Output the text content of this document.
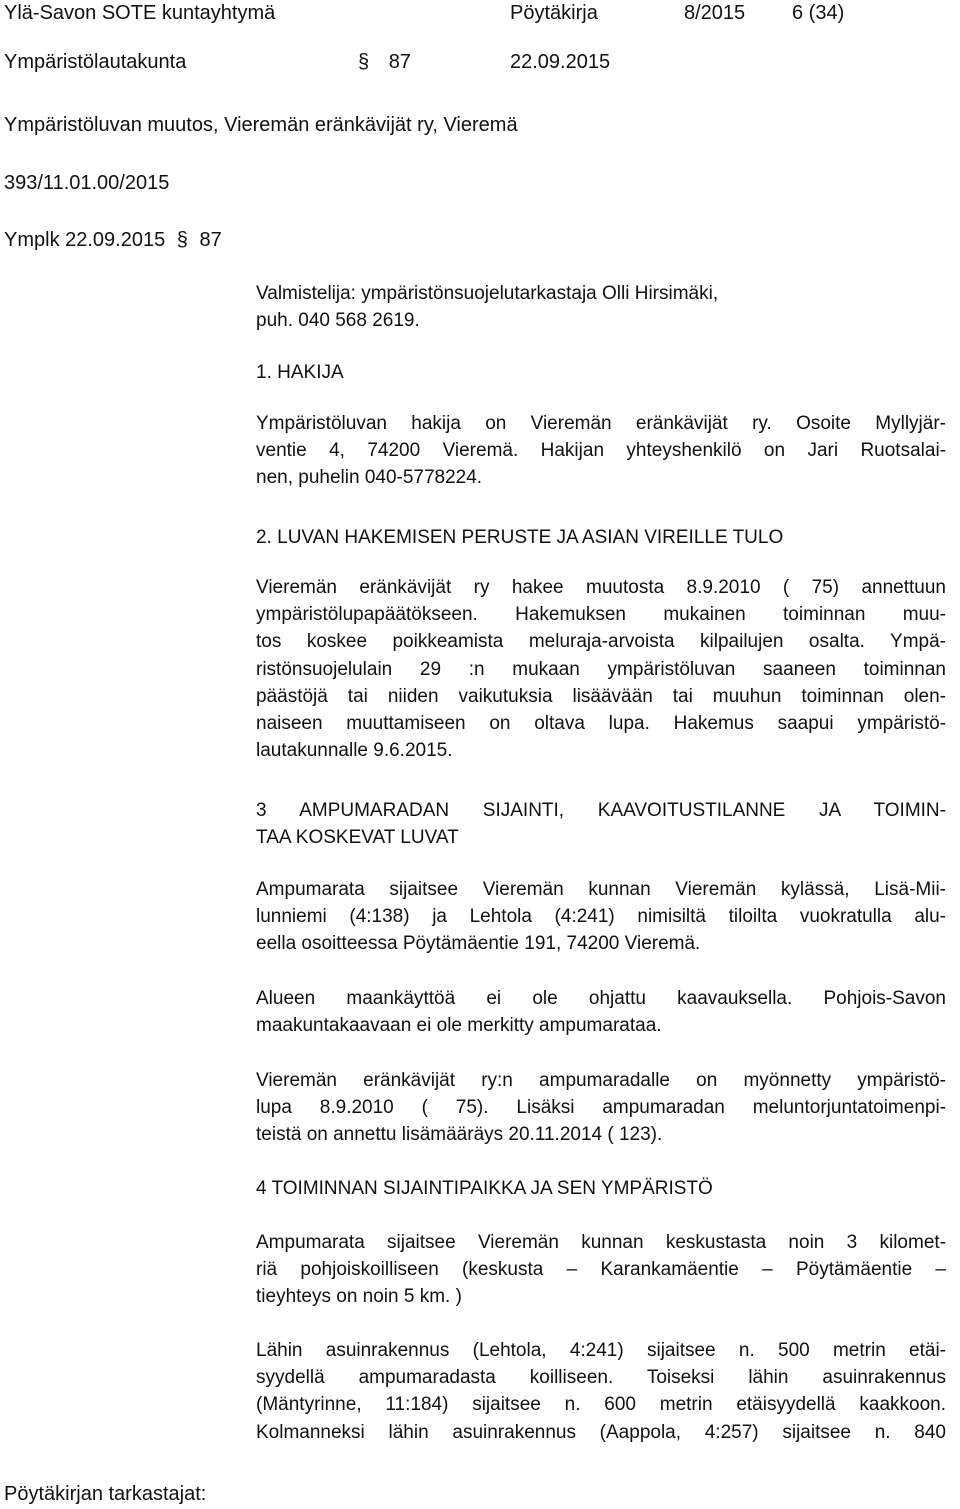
Ylä-Savon SOTE kuntayhtymä	Pöytäkirja	8/2015 6 (34)
Ympäristölautakunta	§ 87	22.09.2015
Ympäristöluvan muutos, Vieremän eränkävijät ry, Vieremä
393/11.01.00/2015
Ymplk 22.09.2015 § 87
Valmistelija: ympäristönsuojelutarkastaja Olli Hirsimäki,
puh. 040 568 2619.
1. HAKIJA
Ympäristöluvan hakija on Vieremän eränkävijät ry. Osoite Myllyjär-
ventie 4, 74200 Vieremä. Hakijan yhteyshenkilö on Jari Ruotsalai-
nen, puhelin 040-5778224.
2. LUVAN HAKEMISEN PERUSTE JA ASIAN VIREILLE TULO
Vieremän eränkävijät ry hakee muutosta 8.9.2010 ( 75) annettuun
ympäristölupapäätökseen. Hakemuksen mukainen toiminnan muu-
tos koskee poikkeamista meluraja-arvoista kilpailujen osalta. Ympä-
ristönsuojelulain 29 :n mukaan ympäristöluvan saaneen toiminnan
päästöjä tai niiden vaikutuksia lisäävään tai muuhun toiminnan olen-
naiseen muuttamiseen on oltava lupa. Hakemus saapui ympäristö-
lautakunnalle 9.6.2015.
3 AMPUMARADAN SIJAINTI, KAAVOITUSTILANNE JA TOIMIN-
TAA KOSKEVAT LUVAT
Ampumarata sijaitsee Vieremän kunnan Vieremän kylässä, Lisä-Mii-
lunniemi (4:138) ja Lehtola (4:241) nimisiltä tiloilta vuokratulla alu-
eella osoitteessa Pöytämäentie 191, 74200 Vieremä.
Alueen maankäyttöä ei ole ohjattu kaavauksella. Pohjois-Savon
maakuntakaavaan ei ole merkitty ampumarataa.
Vieremän eränkävijät ry:n ampumaradalle on myönnetty ympäristö-
lupa 8.9.2010 ( 75). Lisäksi ampumaradan meluntorjuntatoimenpi-
teistä on annettu lisämääräys 20.11.2014 ( 123).
4 TOIMINNAN SIJAINTIPAIKKA JA SEN YMPÄRISTÖ
Ampumarata sijaitsee Vieremän kunnan keskustasta noin 3 kilomet-
riä pohjoiskoilliseen (keskusta – Karankamäentie – Pöytämäentie –
tieyhteys on noin 5 km. )
Lähin asuinrakennus (Lehtola, 4:241) sijaitsee n. 500 metrin etäi-
syydellä ampumaradasta koilliseen. Toiseksi lähin asuinrakennus
(Mäntyrinne, 11:184) sijaitsee n. 600 metrin etäisyydellä kaakkoon.
Kolmanneksi lähin asuinrakennus (Aappola, 4:257) sijaitsee n. 840
Pöytäkirjan tarkastajat:
